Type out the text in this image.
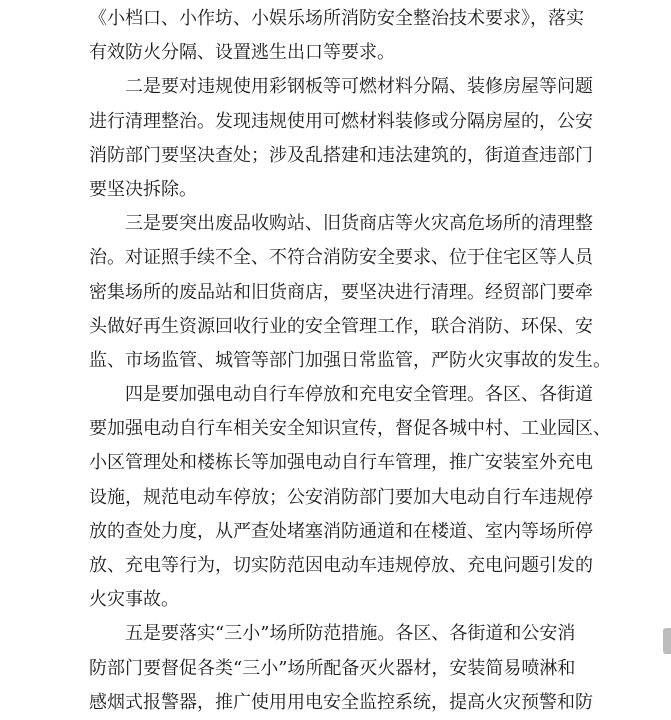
《小档口、小作坊、小娱乐场所消防安全整治技术要求》，落实
有效防火分隔、设置逃生出口等要求。
二是要对违规使用彩钢板等可燃材料分隔、装修房屋等问题
进行清理整治。发现违规使用可燃材料装修或分隔房屋的，公安
消防部门要坚决查处；涉及乱搭建和违法建筑的，街道查违部门
要坚决拆除。
三是要突出废品收购站、旧货商店等火灾高危场所的清理整
治。对证照手续不全、不符合消防安全要求、位于住宅区等人员
密集场所的废品站和旧货商店，要坚决进行清理。经贸部门要牵
头做好再生资源回收行业的安全管理工作，联合消防、环保、安
监、市场监管、城管等部门加强日常监管，严防火灾事故的发生。
四是要加强电动自行车停放和充电安全管理。各区、各街道
要加强电动自行车相关安全知识宣传，督促各城中村、工业园区、
小区管理处和楼栋长等加强电动自行车管理，推广安装室外充电
设施，规范电动车停放；公安消防部门要加大电动自行车违规停
放的查处力度，从严查处堵塞消防通道和在楼道、室内等场所停
放、充电等行为，切实防范因电动车违规停放、充电问题引发的
火灾事故。
五是要落实“三小”场所防范措施。各区、各街道和公安消
防部门要督促各类“三小”场所配备灭火器材，安装简易喷淋和
感烟式报警器，推广使用用电安全监控系统，提高火灾预警和防
